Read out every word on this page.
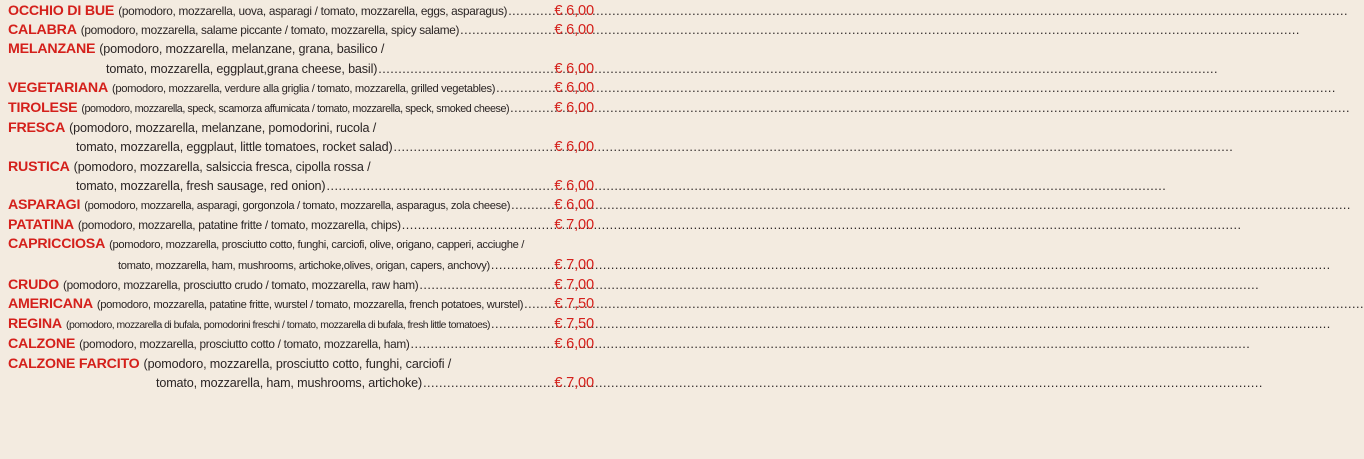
OCCHIO DI BUE (pomodoro, mozzarella, uova, asparagi / tomato, mozzarella, eggs, asparagus) .....	€ 6,00
CALABRA (pomodoro, mozzarella, salame piccante / tomato, mozzarella, spicy salame) .....	€ 6,00
MELANZANE (pomodoro, mozzarella, melanzane, grana, basilico /
tomato, mozzarella, eggplaut,grana cheese, basil) .....	€ 6,00
VEGETARIANA (pomodoro, mozzarella, verdure alla griglia / tomato, mozzarella, grilled vegetables) .....	€ 6,00
TIROLESE (pomodoro, mozzarella, speck, scamorza affumicata / tomato, mozzarella, speck, smoked cheese) .....	€ 6,00
FRESCA (pomodoro, mozzarella, melanzane, pomodorini, rucola /
tomato, mozzarella, eggplaut, little tomatoes, rocket salad) .....	€ 6,00
RUSTICA (pomodoro, mozzarella, salsiccia fresca, cipolla rossa /
tomato, mozzarella, fresh sausage, red onion) .....	€ 6,00
ASPARAGI (pomodoro, mozzarella, asparagi, gorgonzola / tomato, mozzarella, asparagus, zola cheese) .....	€ 6,00
PATATINA (pomodoro, mozzarella, patatine fritte / tomato, mozzarella, chips) .....	€ 7,00
CAPRICCIOSA (pomodoro, mozzarella, prosciutto cotto, funghi, carciofi, olive, origano, capperi, acciughe /
tomato, mozzarella, ham, mushrooms, artichoke,olives, origan, capers, anchovy) .....	€ 7,00
CRUDO (pomodoro, mozzarella, prosciutto crudo / tomato, mozzarella, raw ham) .....	€ 7,00
AMERICANA (pomodoro, mozzarella, patatine fritte, wurstel / tomato, mozzarella, french potatoes, wurstel) ..... € 7,50
REGINA (pomodoro, mozzarella di bufala, pomodorini freschi / tomato, mozzarella di bufala, fresh little tomatoes) .....	€ 7,50
CALZONE (pomodoro, mozzarella, prosciutto cotto / tomato, mozzarella, ham) .....	€ 6,00
CALZONE FARCITO (pomodoro, mozzarella, prosciutto cotto, funghi, carciofi /
tomato, mozzarella, ham, mushrooms, artichoke) .....	€ 7,00
